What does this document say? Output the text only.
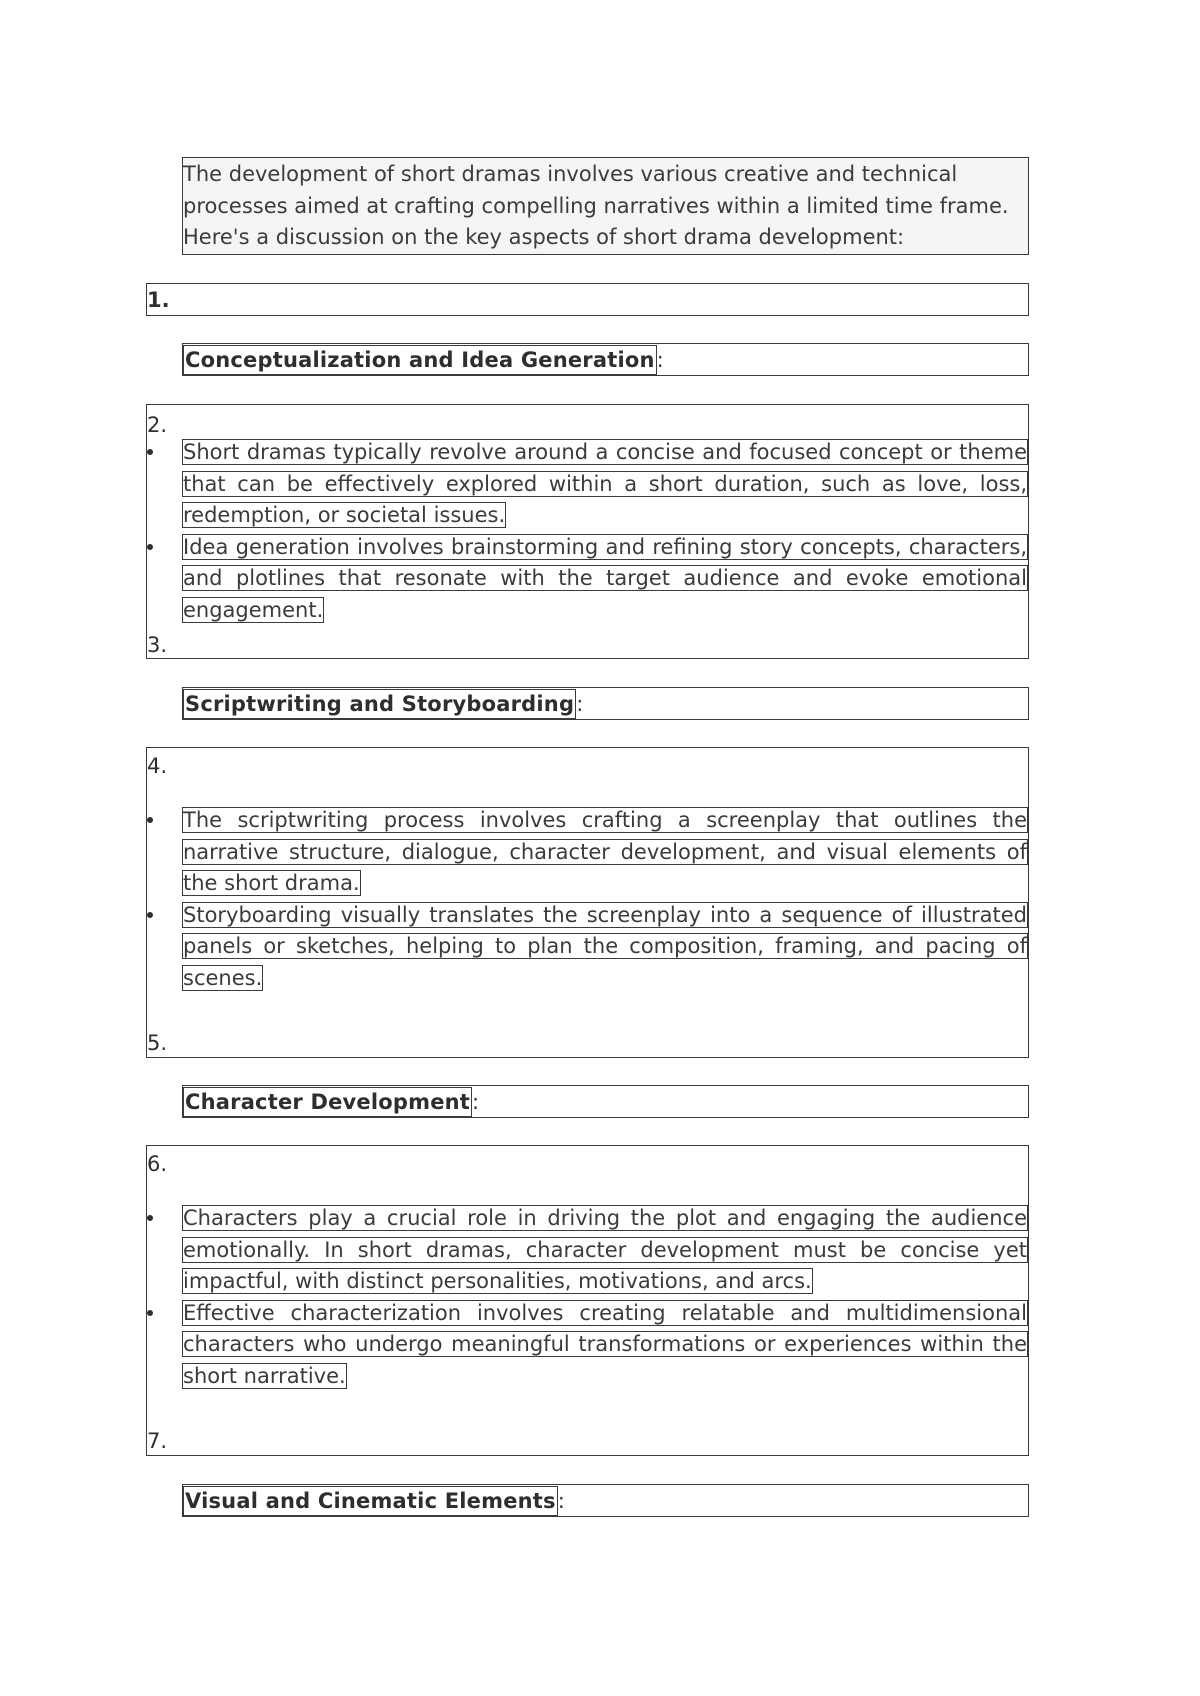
The development of short dramas involves various creative and technical processes aimed at crafting compelling narratives within a limited time frame. Here's a discussion on the key aspects of short drama development:
1.
Conceptualization and Idea Generation:
2.
Short dramas typically revolve around a concise and focused concept or theme that can be effectively explored within a short duration, such as love, loss, redemption, or societal issues.
Idea generation involves brainstorming and refining story concepts, characters, and plotlines that resonate with the target audience and evoke emotional engagement.
3.
Scriptwriting and Storyboarding:
4.
The scriptwriting process involves crafting a screenplay that outlines the narrative structure, dialogue, character development, and visual elements of the short drama.
Storyboarding visually translates the screenplay into a sequence of illustrated panels or sketches, helping to plan the composition, framing, and pacing of scenes.
5.
Character Development:
6.
Characters play a crucial role in driving the plot and engaging the audience emotionally. In short dramas, character development must be concise yet impactful, with distinct personalities, motivations, and arcs.
Effective characterization involves creating relatable and multidimensional characters who undergo meaningful transformations or experiences within the short narrative.
7.
Visual and Cinematic Elements:
